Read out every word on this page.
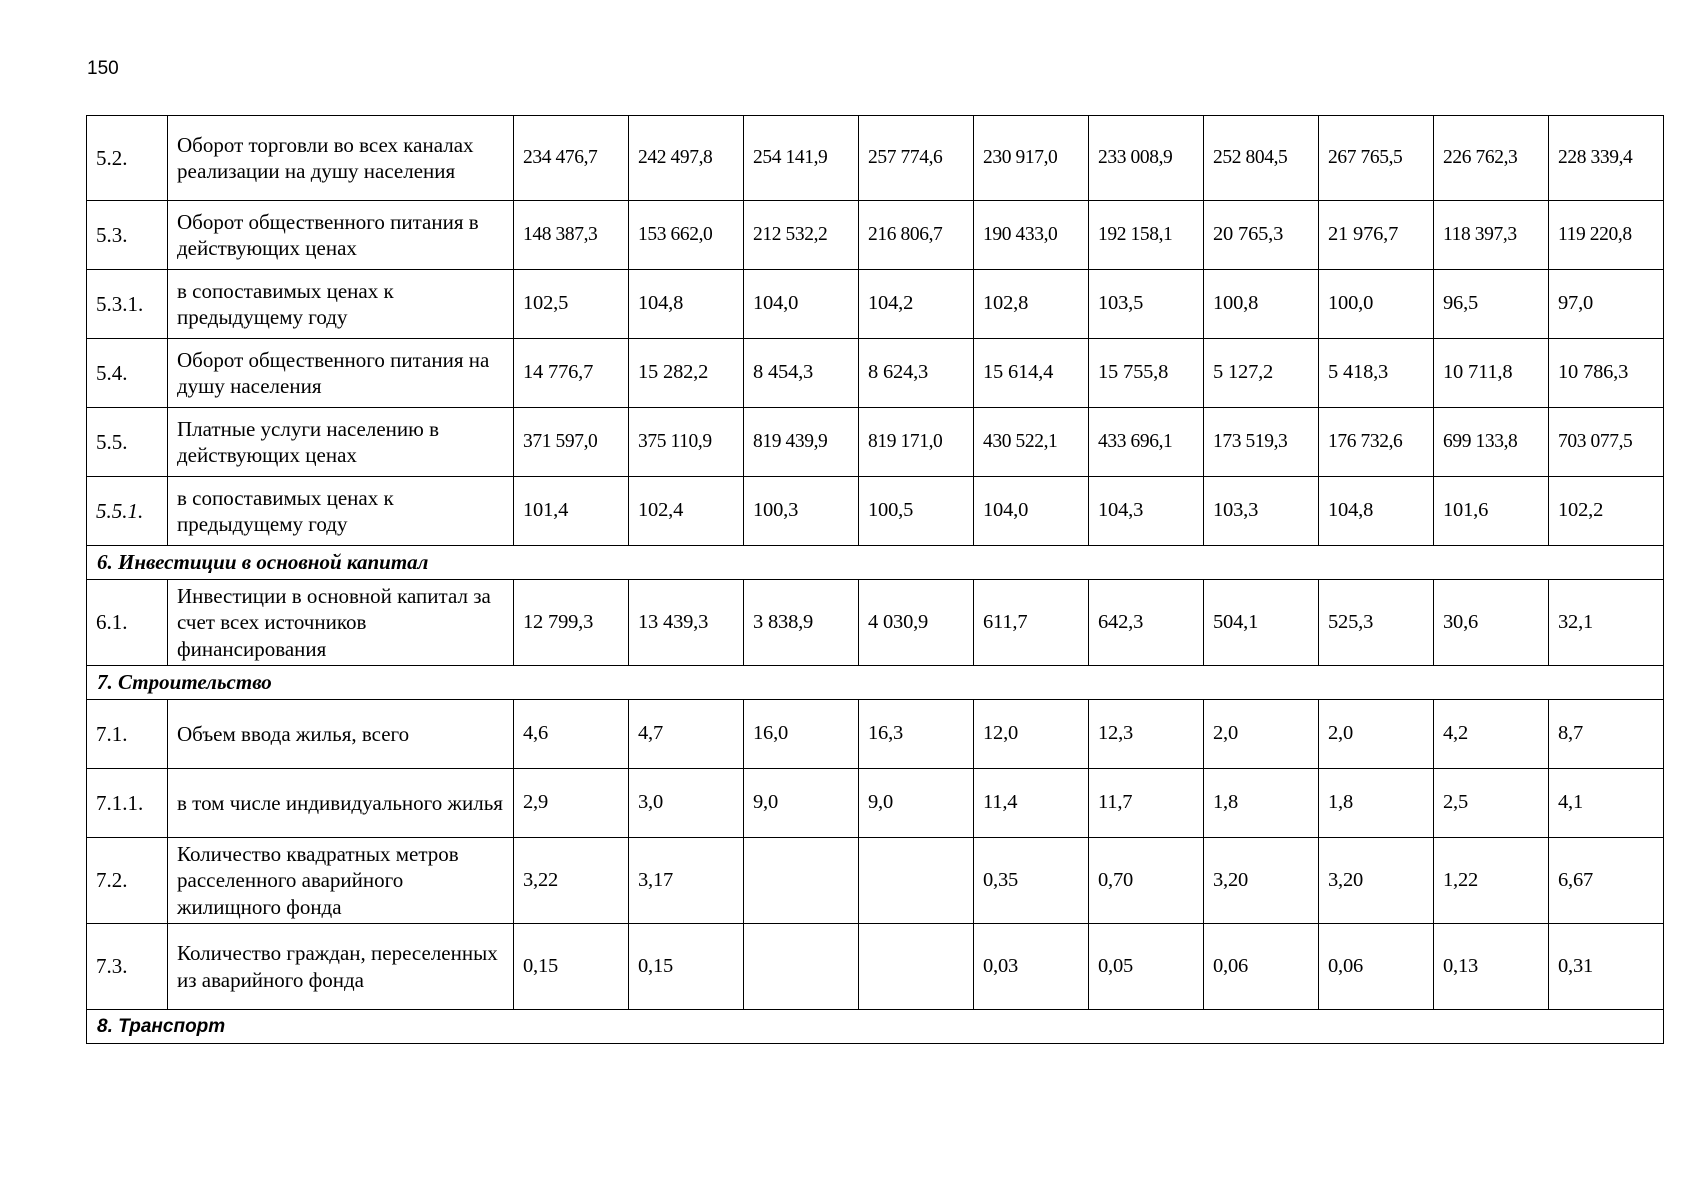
150
5.2.	Оборот торговли во всех каналах реализации на душу населения	234 476,7	242 497,8	254 141,9	257 774,6	230 917,0	233 008,9	252 804,5	267 765,5	226 762,3	228 339,4
5.3.	Оборот общественного питания в действующих ценах	148 387,3	153 662,0	212 532,2	216 806,7	190 433,0	192 158,1	20 765,3	21 976,7	118 397,3	119 220,8
5.3.1.	в сопоставимых ценах к предыдущему году	102,5	104,8	104,0	104,2	102,8	103,5	100,8	100,0	96,5	97,0
5.4.	Оборот общественного питания на душу населения	14 776,7	15 282,2	8 454,3	8 624,3	15 614,4	15 755,8	5 127,2	5 418,3	10 711,8	10 786,3
5.5.	Платные услуги населению в действующих ценах	371 597,0	375 110,9	819 439,9	819 171,0	430 522,1	433 696,1	173 519,3	176 732,6	699 133,8	703 077,5
5.5.1.	в сопоставимых ценах к предыдущему году	101,4	102,4	100,3	100,5	104,0	104,3	103,3	104,8	101,6	102,2
6. Инвестиции в основной капитал											
6.1.	Инвестиции в основной капитал за счет всех источников финансирования	12 799,3	13 439,3	3 838,9	4 030,9	611,7	642,3	504,1	525,3	30,6	32,1
7. Строительство											
7.1.	Объем ввода жилья, всего	4,6	4,7	16,0	16,3	12,0	12,3	2,0	2,0	4,2	8,7
7.1.1.	в том числе индивидуального жилья	2,9	3,0	9,0	9,0	11,4	11,7	1,8	1,8	2,5	4,1
7.2.	Количество квадратных метров расселенного аварийного жилищного фонда	3,22	3,17			0,35	0,70	3,20	3,20	1,22	6,67
7.3.	Количество граждан, переселенных из аварийного фонда	0,15	0,15			0,03	0,05	0,06	0,06	0,13	0,31
8. Транспорт											
